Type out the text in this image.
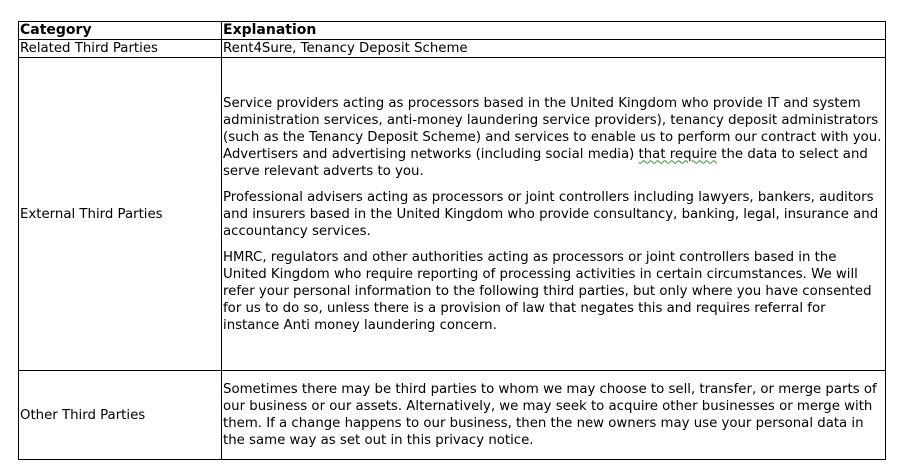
Category	Explanation
Related Third Parties	Rent4Sure, Tenancy Deposit Scheme
External Third Parties	Service providers acting as processors based in the United Kingdom who provide IT and system administration services, anti-money laundering service providers), tenancy deposit administrators (such as the Tenancy Deposit Scheme) and services to enable us to perform our contract with you.

Advertisers and advertising networks (including social media) that require the data to select and serve relevant adverts to you.

Professional advisers acting as processors or joint controllers including lawyers, bankers, auditors and insurers based in the United Kingdom who provide consultancy, banking, legal, insurance and accountancy services.

HMRC, regulators and other authorities acting as processors or joint controllers based in the United Kingdom who require reporting of processing activities in certain circumstances. We will refer your personal information to the following third parties, but only where you have consented for us to do so, unless there is a provision of law that negates this and requires referral for instance Anti money laundering concern.

Other Third Parties	Sometimes there may be third parties to whom we may choose to sell, transfer, or merge parts of our business or our assets. Alternatively, we may seek to acquire other businesses or merge with them. If a change happens to our business, then the new owners may use your personal data in the same way as set out in this privacy notice.
